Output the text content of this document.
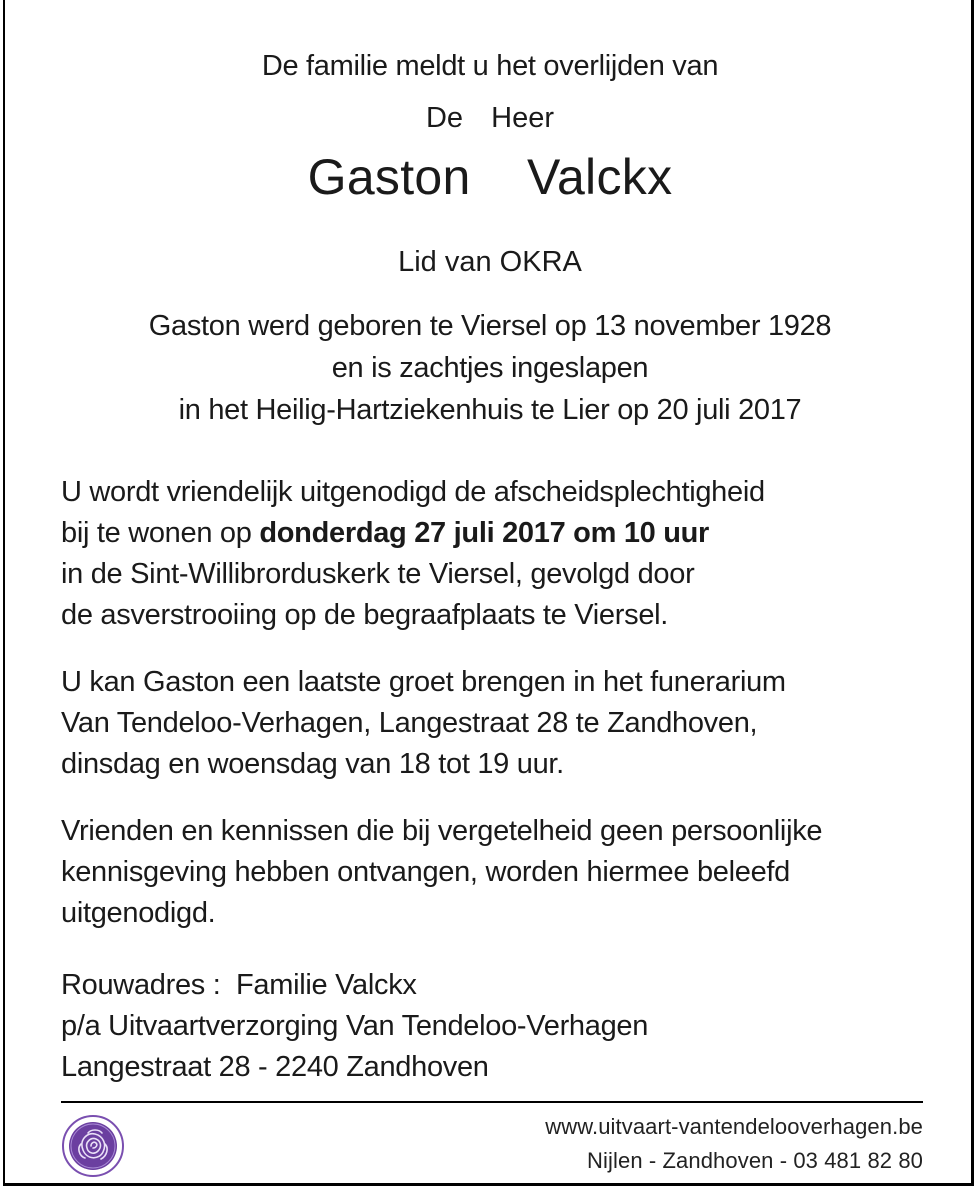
De familie meldt u het overlijden van
De  Heer
Gaston  Valckx
Lid van OKRA
Gaston werd geboren te Viersel op 13 november 1928
en is zachtjes ingeslapen
in het Heilig-Hartziekenhuis te Lier op 20 juli 2017
U wordt vriendelijk uitgenodigd de afscheidsplechtigheid
bij te wonen op donderdag 27 juli 2017 om 10 uur
in de Sint-Willibrorduskerk te Viersel, gevolgd door
de asverstrooiing op de begraafplaats te Viersel.
U kan Gaston een laatste groet brengen in het funerarium
Van Tendeloo-Verhagen, Langestraat 28 te Zandhoven,
dinsdag en woensdag van 18 tot 19 uur.
Vrienden en kennissen die bij vergetelheid geen persoonlijke
kennisgeving hebben ontvangen, worden hiermee beleefd
uitgenodigd.
Rouwadres :  Familie Valckx
p/a Uitvaartverzorging Van Tendeloo-Verhagen
Langestraat 28 - 2240 Zandhoven
www.uitvaart-vantendelooverhagen.be
Nijlen - Zandhoven - 03 481 82 80
